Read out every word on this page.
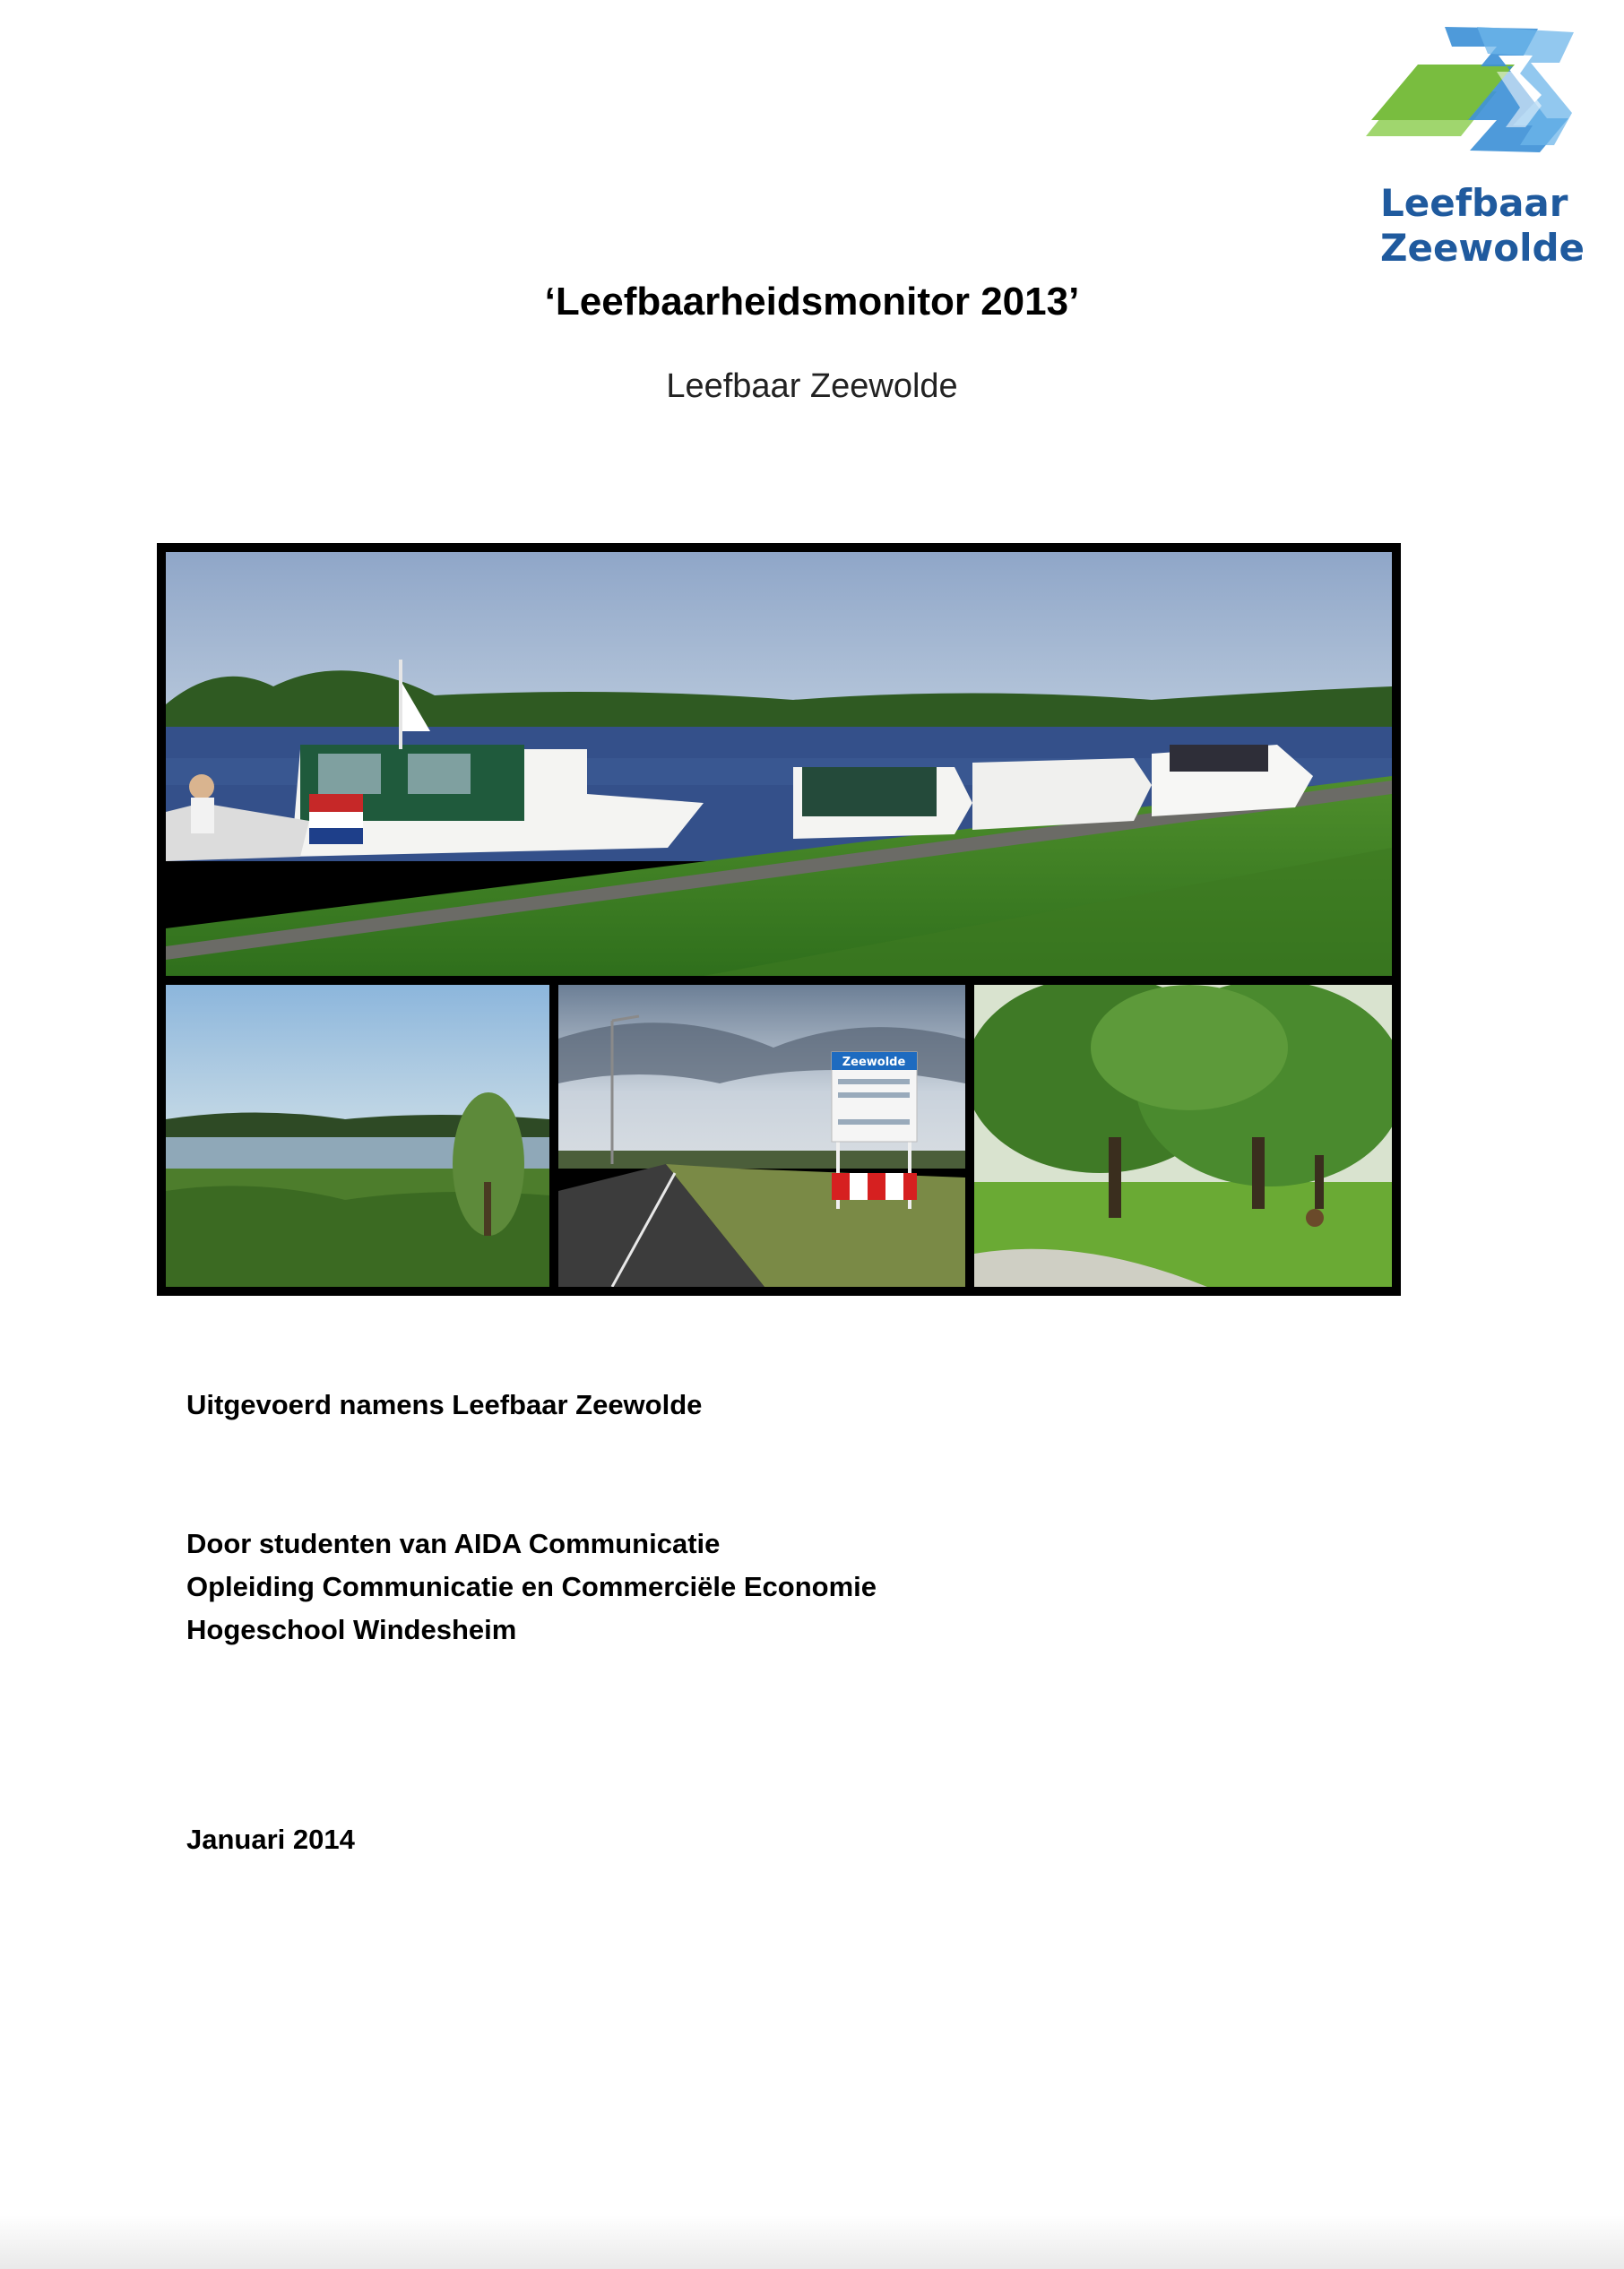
Leefbaar
Zeewolde
‘Leefbaarheidsmonitor 2013’
Leefbaar Zeewolde
Zeewolde
Uitgevoerd namens Leefbaar Zeewolde
Door studenten van AIDA Communicatie
Opleiding Communicatie en Commerciële Economie
Hogeschool Windesheim
Januari 2014
